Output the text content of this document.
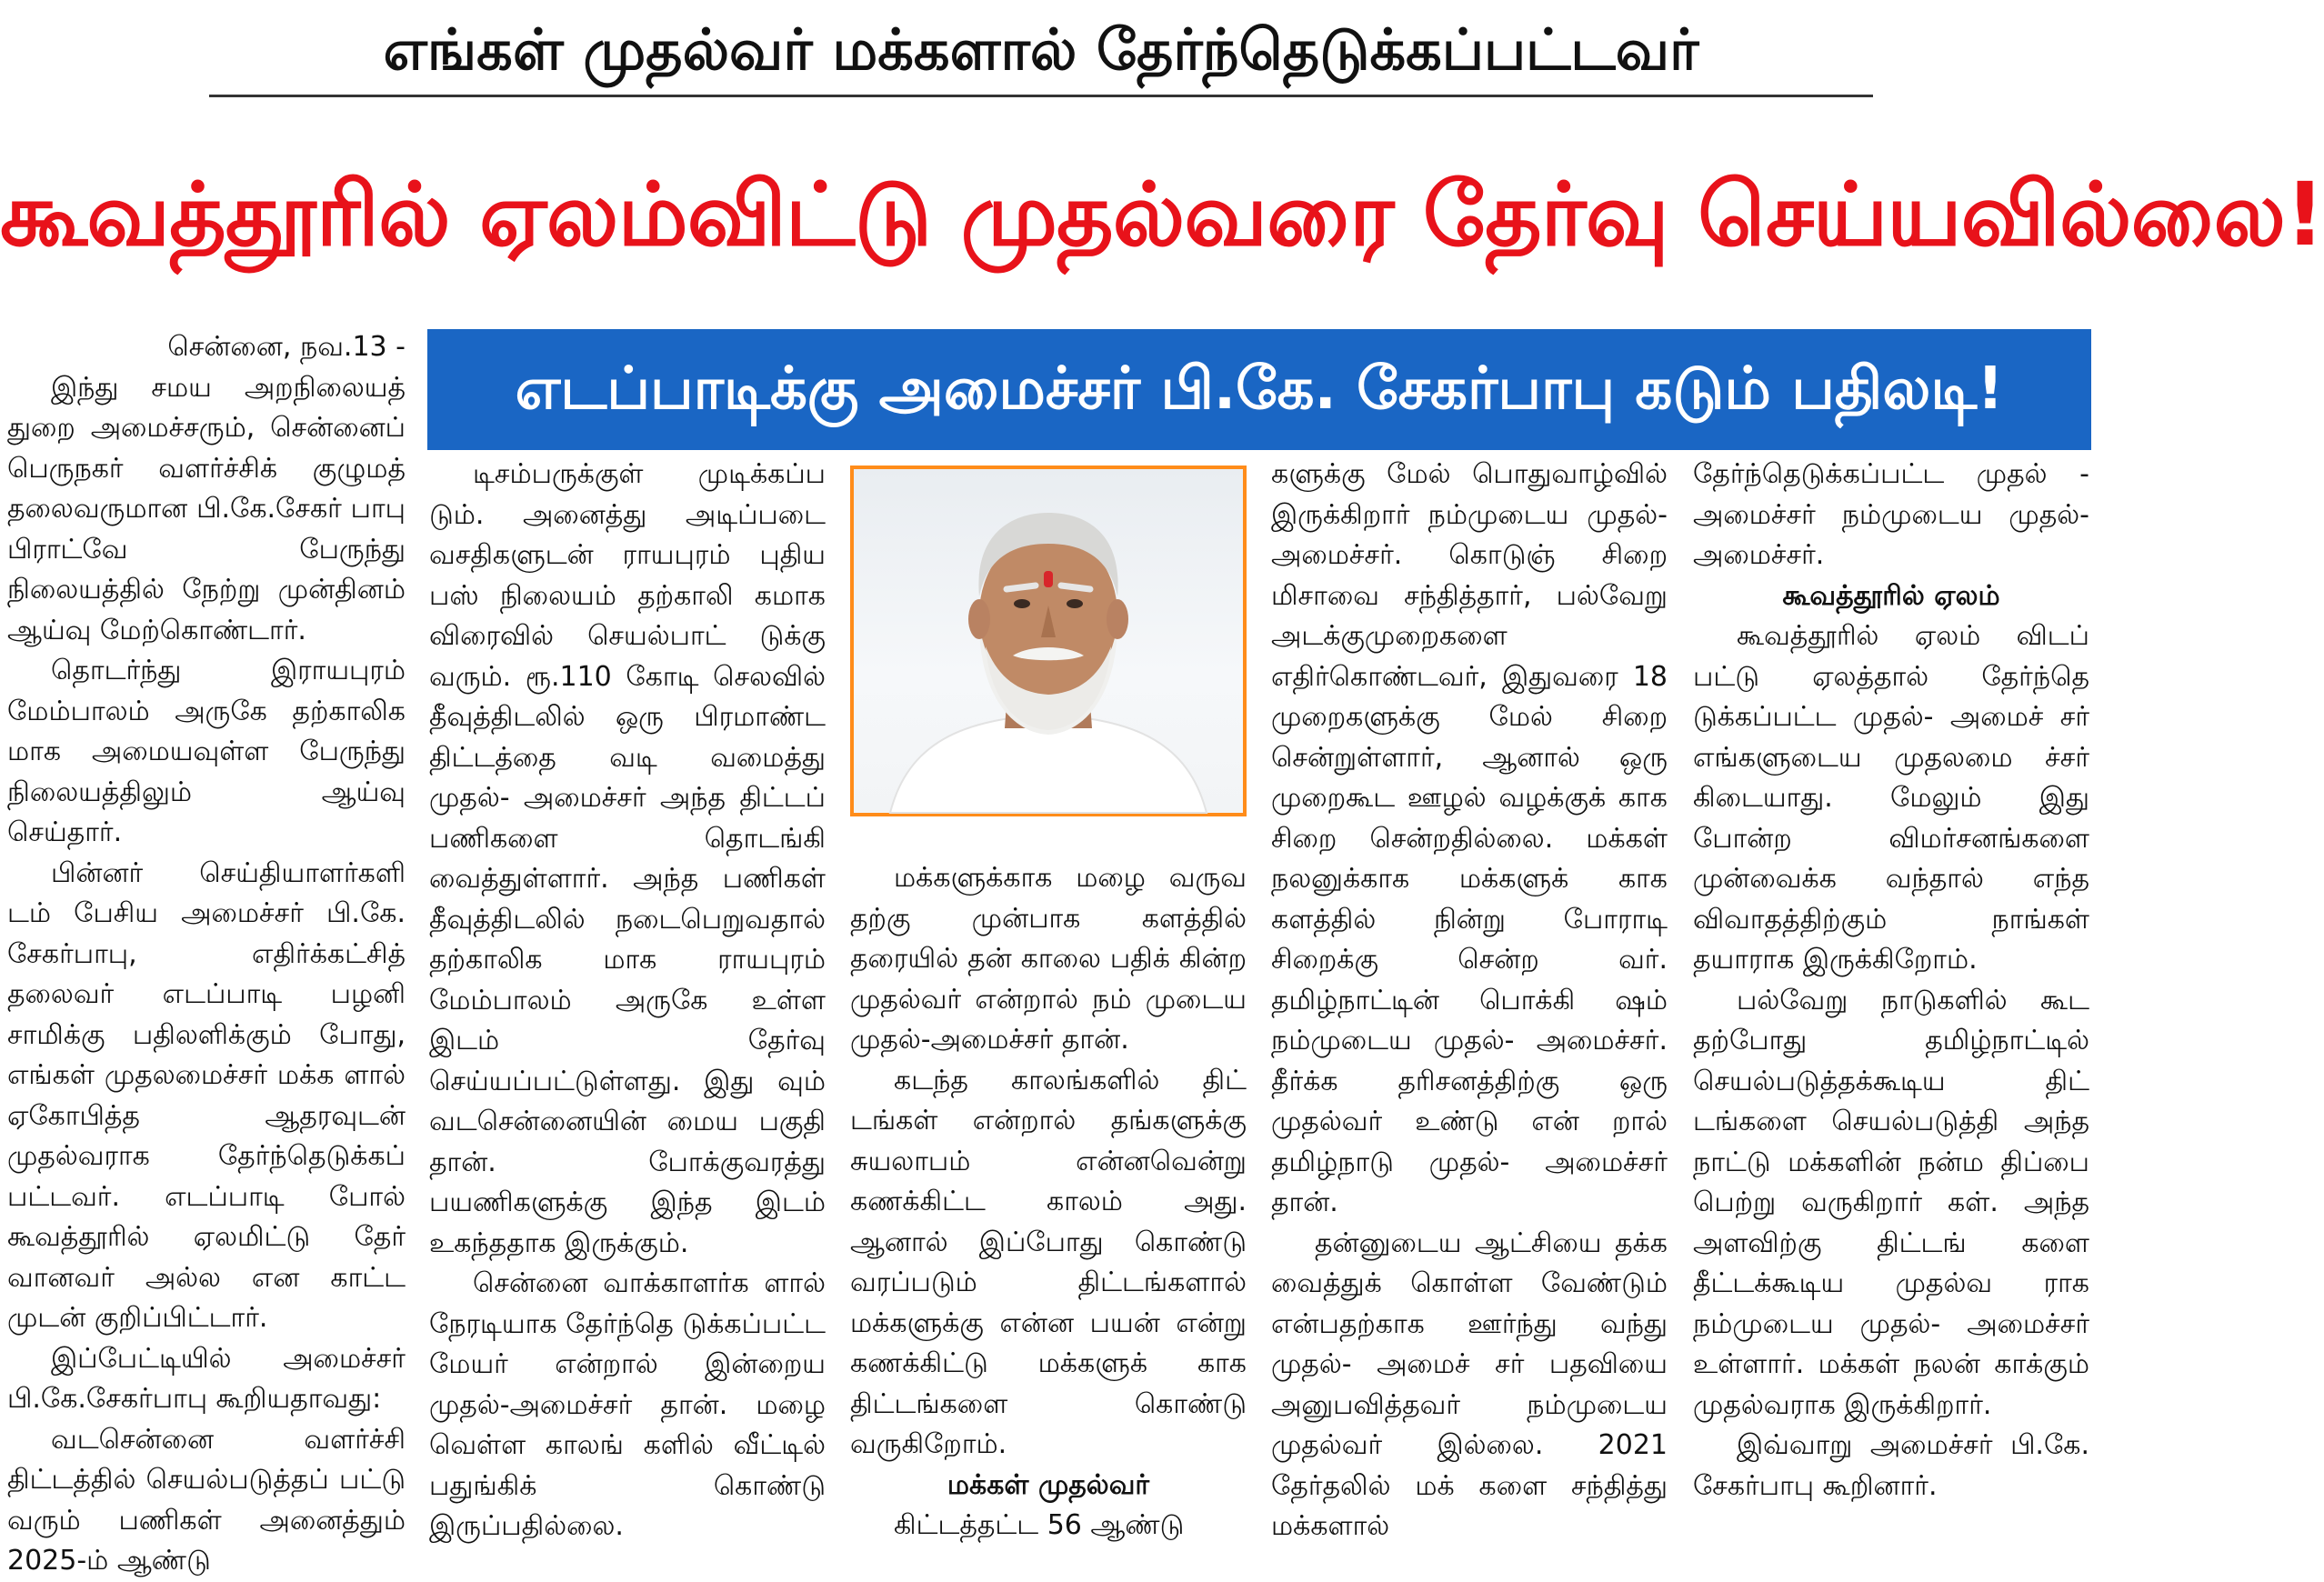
எங்கள் முதல்வர் மக்களால் தேர்ந்தெடுக்கப்பட்டவர்
கூவத்தூரில் ஏலம்விட்டு முதல்வரை தேர்வு செய்யவில்லை!
எடப்பாடிக்கு அமைச்சர் பி.கே. சேகர்பாபு கடும் பதிலடி!

சென்னை, நவ.13 -

இந்து சமய அறநிலையத் துறை அமைச்சரும், சென்னைப் பெருநகர் வளர்ச்சிக் குழுமத் தலைவருமான பி.கே.சேகர் பாபு பிராட்வே பேருந்து நிலையத்தில் நேற்று முன்தினம் ஆய்வு மேற்கொண்டார்.

தொடர்ந்து இராயபுரம் மேம்பாலம் அருகே தற்காலிக மாக அமையவுள்ள பேருந்து நிலையத்திலும் ஆய்வு செய்தார்.

பின்னர் செய்தியாளர்களி டம் பேசிய அமைச்சர் பி.கே. சேகர்பாபு, எதிர்க்கட்சித் தலைவர் எடப்பாடி பழனி சாமிக்கு பதிலளிக்கும் போது, எங்கள் முதலமைச்சர் மக்க ளால் ஏகோபித்த ஆதரவுடன் முதல்வராக தேர்ந்தெடுக்கப் பட்டவர். எடப்பாடி போல் கூவத்தூரில் ஏலமிட்டு தேர் வானவர் அல்ல என காட்ட முடன் குறிப்பிட்டார்.

இப்பேட்டியில் அமைச்சர் பி.கே.சேகர்பாபு கூறியதாவது:

வடசென்னை வளர்ச்சி திட்டத்தில் செயல்படுத்தப் பட்டு வரும் பணிகள் அனைத்தும் 2025-ம் ஆண்டு

டிசம்பருக்குள் முடிக்கப்ப டும். அனைத்து அடிப்படை வசதிகளுடன் ராயபுரம் புதிய பஸ் நிலையம் தற்காலி கமாக விரைவில் செயல்பாட் டுக்கு வரும். ரூ.110 கோடி செலவில் தீவுத்திடலில் ஒரு பிரமாண்ட திட்டத்தை வடி வமைத்து முதல்- அமைச்சர் அந்த திட்டப் பணிகளை தொடங்கி வைத்துள்ளார். அந்த பணிகள் தீவுத்திடலில் நடைபெறுவதால் தற்காலிக மாக ராயபுரம் மேம்பாலம் அருகே உள்ள இடம் தேர்வு செய்யப்பட்டுள்ளது. இது வும் வடசென்னையின் மைய பகுதி தான். போக்குவரத்து பயணிகளுக்கு இந்த இடம் உகந்ததாக இருக்கும்.

சென்னை வாக்காளர்க ளால் நேரடியாக தேர்ந்தெ டுக்கப்பட்ட மேயர் என்றால் இன்றைய முதல்-அமைச்சர் தான். மழை வெள்ள காலங் களில் வீட்டில் பதுங்கிக் கொண்டு இருப்பதில்லை.

மக்களுக்காக மழை வருவ தற்கு முன்பாக களத்தில் தரையில் தன் காலை பதிக் கின்ற முதல்வர் என்றால் நம் முடைய முதல்-அமைச்சர் தான்.

கடந்த காலங்களில் திட் டங்கள் என்றால் தங்களுக்கு சுயலாபம் என்னவென்று கணக்கிட்ட காலம் அது. ஆனால் இப்போது கொண்டு வரப்படும் திட்டங்களால் மக்களுக்கு என்ன பயன் என்று கணக்கிட்டு மக்களுக் காக திட்டங்களை கொண்டு வருகிறோம்.

மக்கள் முதல்வர்

கிட்டத்தட்ட 56 ஆண்டு

களுக்கு மேல் பொதுவாழ்வில் இருக்கிறார் நம்முடைய முதல்-அமைச்சர். கொடுஞ் சிறை மிசாவை சந்தித்தார், பல்வேறு அடக்குமுறைகளை எதிர்கொண்டவர், இதுவரை 18 முறைகளுக்கு மேல் சிறை சென்றுள்ளார், ஆனால் ஒரு முறைகூட ஊழல் வழக்குக் காக சிறை சென்றதில்லை. மக்கள் நலனுக்காக மக்களுக் காக களத்தில் நின்று போராடி சிறைக்கு சென்ற வர். தமிழ்நாட்டின் பொக்கி ஷம் நம்முடைய முதல்- அமைச்சர். தீர்க்க தரிசனத்திற்கு ஒரு முதல்வர் உண்டு என் றால் தமிழ்நாடு முதல்- அமைச்சர் தான்.

தன்னுடைய ஆட்சியை தக்க வைத்துக் கொள்ள வேண்டும் என்பதற்காக ஊர்ந்து வந்து முதல்- அமைச் சர் பதவியை அனுபவித்தவர் நம்முடைய முதல்வர் இல்லை. 2021 தேர்தலில் மக் களை சந்தித்து மக்களால்

தேர்ந்தெடுக்கப்பட்ட முதல் - அமைச்சர் நம்முடைய முதல்-அமைச்சர்.

கூவத்தூரில் ஏலம்

கூவத்தூரில் ஏலம் விடப் பட்டு ஏலத்தால் தேர்ந்தெ டுக்கப்பட்ட முதல்- அமைச் சர் எங்களுடைய முதலமை ச்சர் கிடையாது. மேலும் இது போன்ற விமர்சனங்களை முன்வைக்க வந்தால் எந்த விவாதத்திற்கும் நாங்கள் தயாராக இருக்கிறோம்.

பல்வேறு நாடுகளில் கூட தற்போது தமிழ்நாட்டில் செயல்படுத்தக்கூடிய திட் டங்களை செயல்படுத்தி அந்த நாட்டு மக்களின் நன்ம திப்பை பெற்று வருகிறார் கள். அந்த அளவிற்கு திட்டங் களை தீட்டக்கூடிய முதல்வ ராக நம்முடைய முதல்- அமைச்சர் உள்ளார். மக்கள் நலன் காக்கும் முதல்வராக இருக்கிறார்.

இவ்வாறு அமைச்சர் பி.கே. சேகர்பாபு கூறினார்.
